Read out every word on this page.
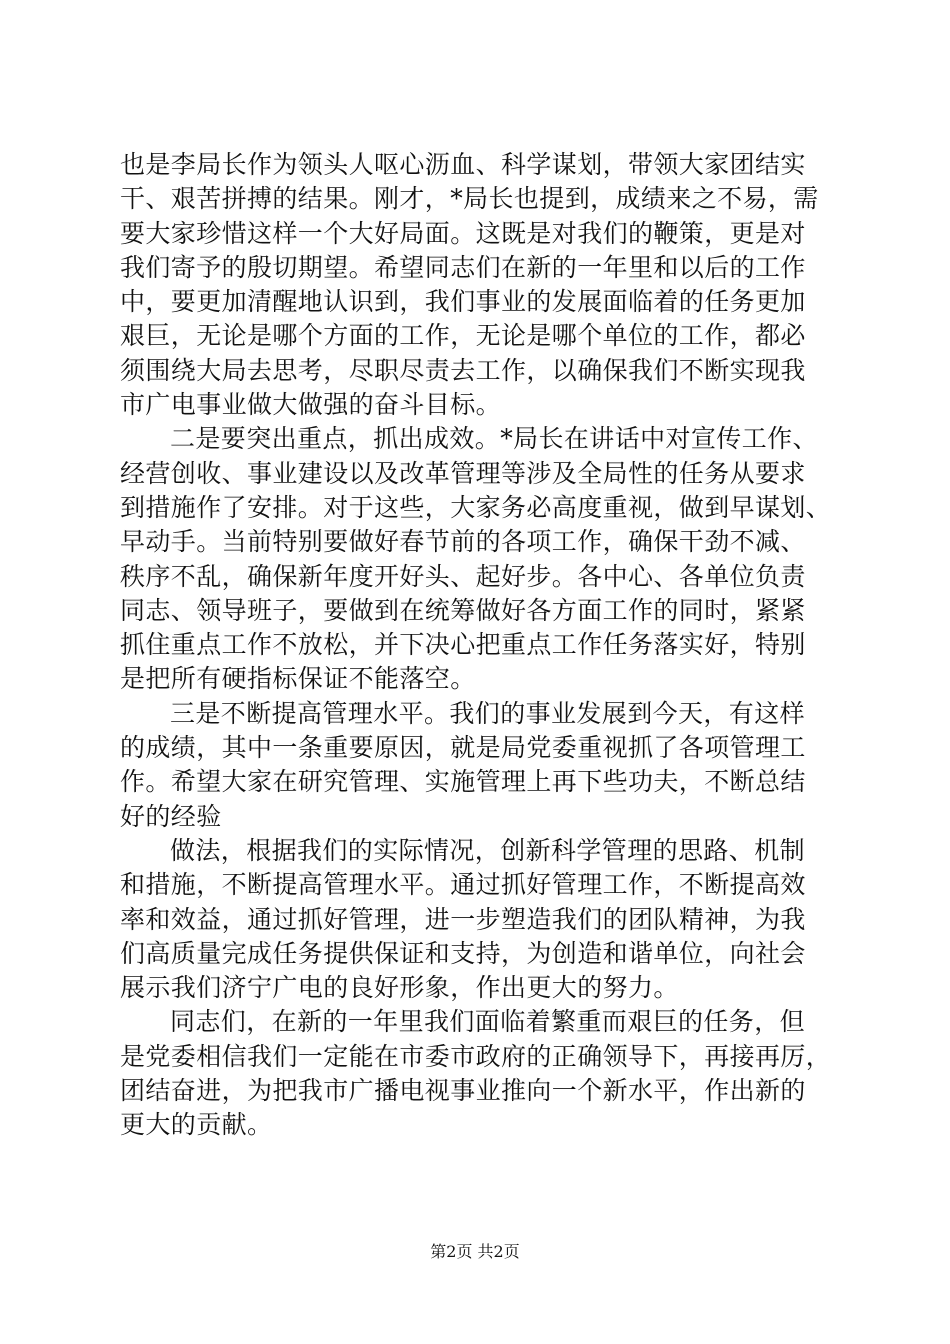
也是李局长作为领头人呕心沥血、科学谋划，带领大家团结实
干、艰苦拼搏的结果。刚才，*局长也提到，成绩来之不易，需
要大家珍惜这样一个大好局面。这既是对我们的鞭策，更是对
我们寄予的殷切期望。希望同志们在新的一年里和以后的工作
中，要更加清醒地认识到，我们事业的发展面临着的任务更加
艰巨，无论是哪个方面的工作，无论是哪个单位的工作，都必
须围绕大局去思考，尽职尽责去工作，以确保我们不断实现我
市广电事业做大做强的奋斗目标。
二是要突出重点，抓出成效。*局长在讲话中对宣传工作、
经营创收、事业建设以及改革管理等涉及全局性的任务从要求
到措施作了安排。对于这些，大家务必高度重视，做到早谋划、
早动手。当前特别要做好春节前的各项工作，确保干劲不减、
秩序不乱，确保新年度开好头、起好步。各中心、各单位负责
同志、领导班子，要做到在统筹做好各方面工作的同时，紧紧
抓住重点工作不放松，并下决心把重点工作任务落实好，特别
是把所有硬指标保证不能落空。
三是不断提高管理水平。我们的事业发展到今天，有这样
的成绩，其中一条重要原因，就是局党委重视抓了各项管理工
作。希望大家在研究管理、实施管理上再下些功夫，不断总结
好的经验
做法，根据我们的实际情况，创新科学管理的思路、机制
和措施，不断提高管理水平。通过抓好管理工作，不断提高效
率和效益，通过抓好管理，进一步塑造我们的团队精神，为我
们高质量完成任务提供保证和支持，为创造和谐单位，向社会
展示我们济宁广电的良好形象，作出更大的努力。
同志们，在新的一年里我们面临着繁重而艰巨的任务，但
是党委相信我们一定能在市委市政府的正确领导下，再接再厉，
团结奋进，为把我市广播电视事业推向一个新水平，作出新的
更大的贡献。
第2页 共2页
